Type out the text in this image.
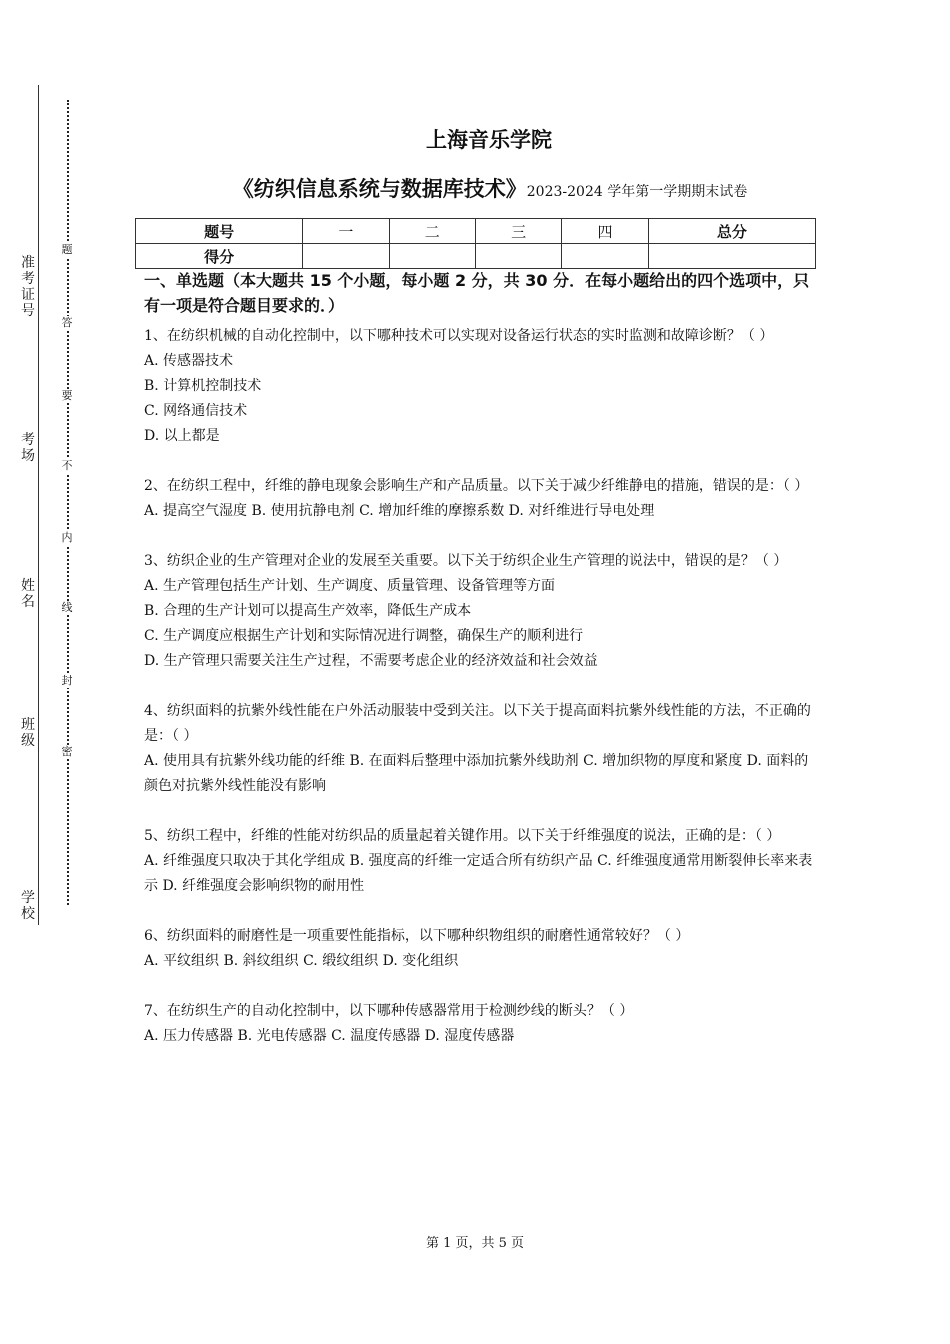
准考证号
考场
姓名
班级
学校
题
答
要
不
内
线
封
密
上海音乐学院
《纺织信息系统与数据库技术》2023-2024 学年第一学期期末试卷
题号	一	二	三	四	总分
得分					
一、单选题（本大题共 15 个小题，每小题 2 分，共 30 分．在每小题给出的四个选项中，只有一项是符合题目要求的．）

1、在纺织机械的自动化控制中，以下哪种技术可以实现对设备运行状态的实时监测和故障诊断？（ ）

A. 传感器技术

B. 计算机控制技术

C. 网络通信技术

D. 以上都是

2、在纺织工程中，纤维的静电现象会影响生产和产品质量。以下关于减少纤维静电的措施，错误的是：（ ）

A. 提高空气湿度 B. 使用抗静电剂 C. 增加纤维的摩擦系数 D. 对纤维进行导电处理

3、纺织企业的生产管理对企业的发展至关重要。以下关于纺织企业生产管理的说法中，错误的是？（ ）

A. 生产管理包括生产计划、生产调度、质量管理、设备管理等方面

B. 合理的生产计划可以提高生产效率，降低生产成本

C. 生产调度应根据生产计划和实际情况进行调整，确保生产的顺利进行

D. 生产管理只需要关注生产过程，不需要考虑企业的经济效益和社会效益

4、纺织面料的抗紫外线性能在户外活动服装中受到关注。以下关于提高面料抗紫外线性能的方法，不正确的是：（ ）

A. 使用具有抗紫外线功能的纤维 B. 在面料后整理中添加抗紫外线助剂 C. 增加织物的厚度和紧度 D. 面料的颜色对抗紫外线性能没有影响

5、纺织工程中，纤维的性能对纺织品的质量起着关键作用。以下关于纤维强度的说法，正确的是：（ ）

A. 纤维强度只取决于其化学组成 B. 强度高的纤维一定适合所有纺织产品 C. 纤维强度通常用断裂伸长率来表示 D. 纤维强度会影响织物的耐用性

6、纺织面料的耐磨性是一项重要性能指标，以下哪种织物组织的耐磨性通常较好？（ ）

A. 平纹组织 B. 斜纹组织 C. 缎纹组织 D. 变化组织

7、在纺织生产的自动化控制中，以下哪种传感器常用于检测纱线的断头？（ ）

A. 压力传感器 B. 光电传感器 C. 温度传感器 D. 湿度传感器

第 1 页，共 5 页
